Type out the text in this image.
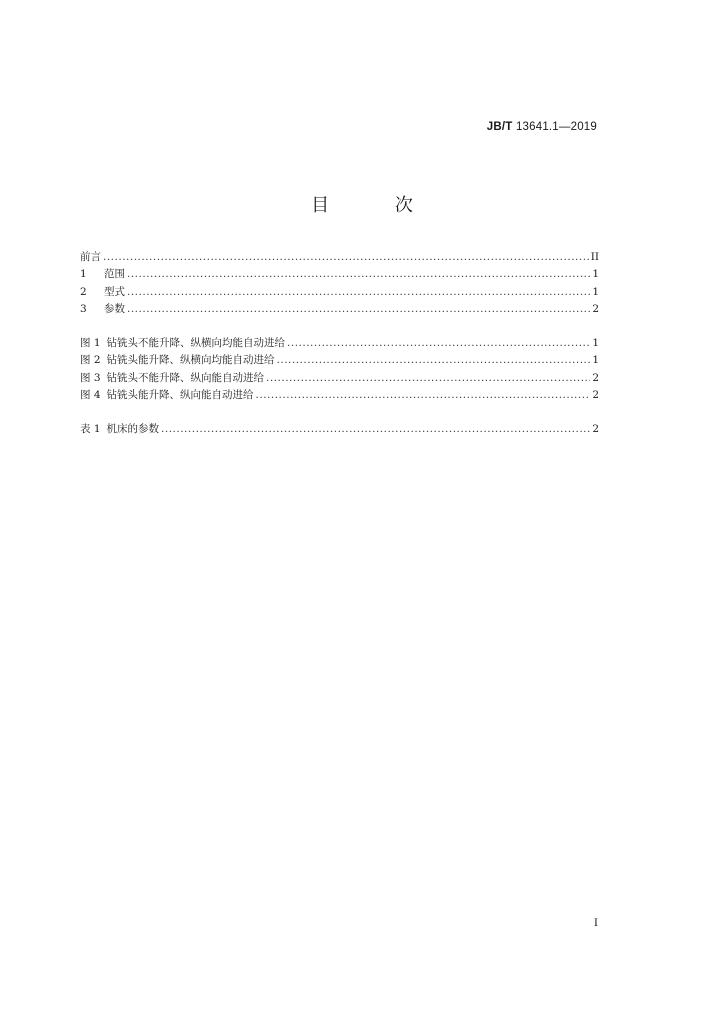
JB/T 13641.1—2019
目 次
前言 .....	II
1 范围 .....	1
2 型式 .....	1
3 参数 .....	2
图 1 钻铣头不能升降、纵横向均能自动进给 .....	1
图 2 钻铣头能升降、纵横向均能自动进给 .....	1
图 3 钻铣头不能升降、纵向能自动进给 .....	2
图 4 钻铣头能升降、纵向能自动进给 .....	2
表 1 机床的参数 .....	2
I
